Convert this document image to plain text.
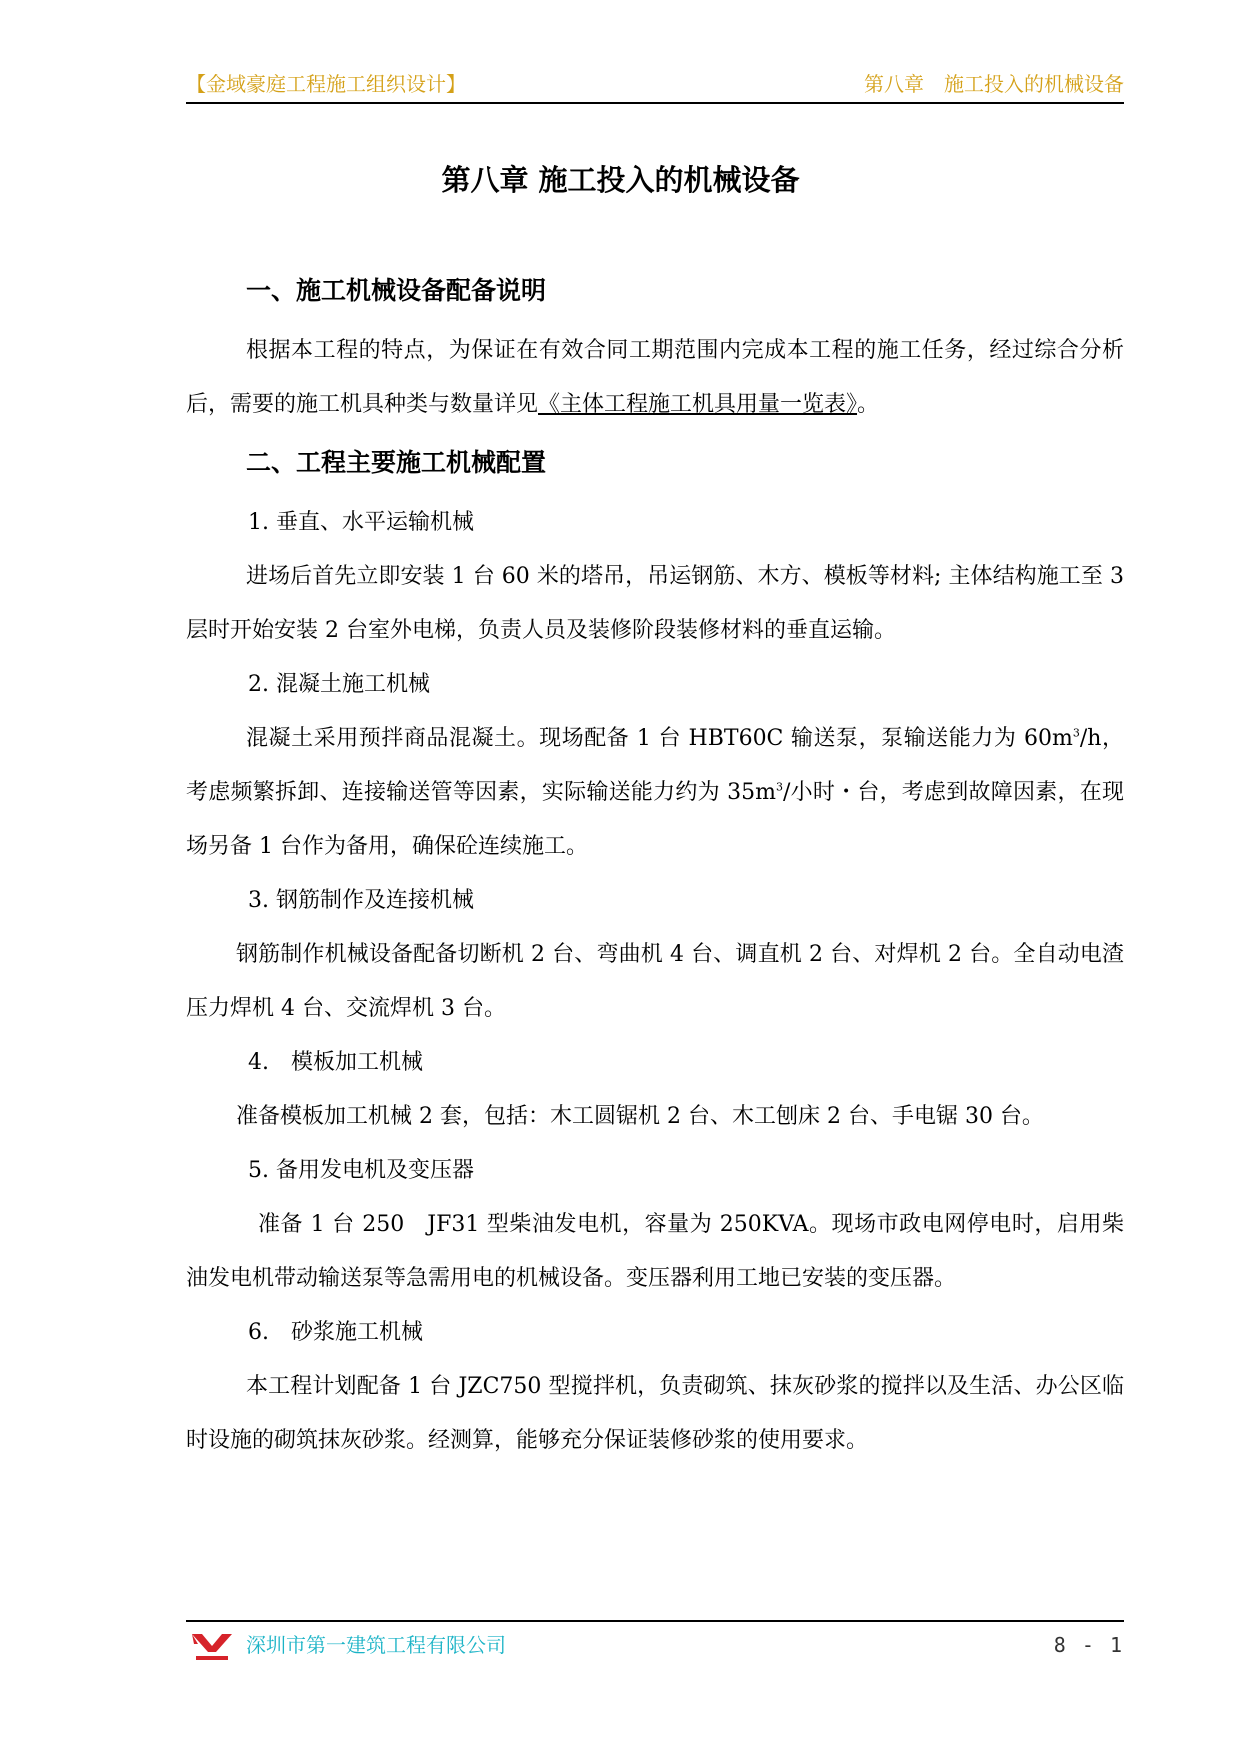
【金域豪庭工程施工组织设计】	第八章　施工投入的机械设备
第八章 施工投入的机械设备
一、施工机械设备配备说明

根据本工程的特点，为保证在有效合同工期范围内完成本工程的施工任务，经过综合分析后，需要的施工机具种类与数量详见《主体工程施工机具用量一览表》。

二、工程主要施工机械配置
1. 垂直、水平运输机械

进场后首先立即安装 1 台 60 米的塔吊，吊运钢筋、木方、模板等材料; 主体结构施工至 3 层时开始安装 2 台室外电梯，负责人员及装修阶段装修材料的垂直运输。

2. 混凝土施工机械

混凝土采用预拌商品混凝土。现场配备 1 台 HBT60C 输送泵，泵输送能力为 $60m^3/h$，考虑频繁拆卸、连接输送管等因素，实际输送能力约为 $35m^3/$小时・台，考虑到故障因素，在现场另备 1 台作为备用，确保砼连续施工。

3. 钢筋制作及连接机械

钢筋制作机械设备配备切断机 2 台、弯曲机 4 台、调直机 2 台、对焊机 2 台。全自动电渣压力焊机 4 台、交流焊机 3 台。

4.　模板加工机械

准备模板加工机械 2 套，包括：木工圆锯机 2 台、木工刨床 2 台、手电锯 30 台。

5. 备用发电机及变压器

准备 1 台 250　JF31 型柴油发电机，容量为 250KVA。现场市政电网停电时，启用柴油发电机带动输送泵等急需用电的机械设备。变压器利用工地已安装的变压器。

6.　砂浆施工机械

本工程计划配备 1 台 JZC750 型搅拌机，负责砌筑、抹灰砂浆的搅拌以及生活、办公区临时设施的砌筑抹灰砂浆。经测算，能够充分保证装修砂浆的使用要求。

深圳市第一建筑工程有限公司	8 - 1
